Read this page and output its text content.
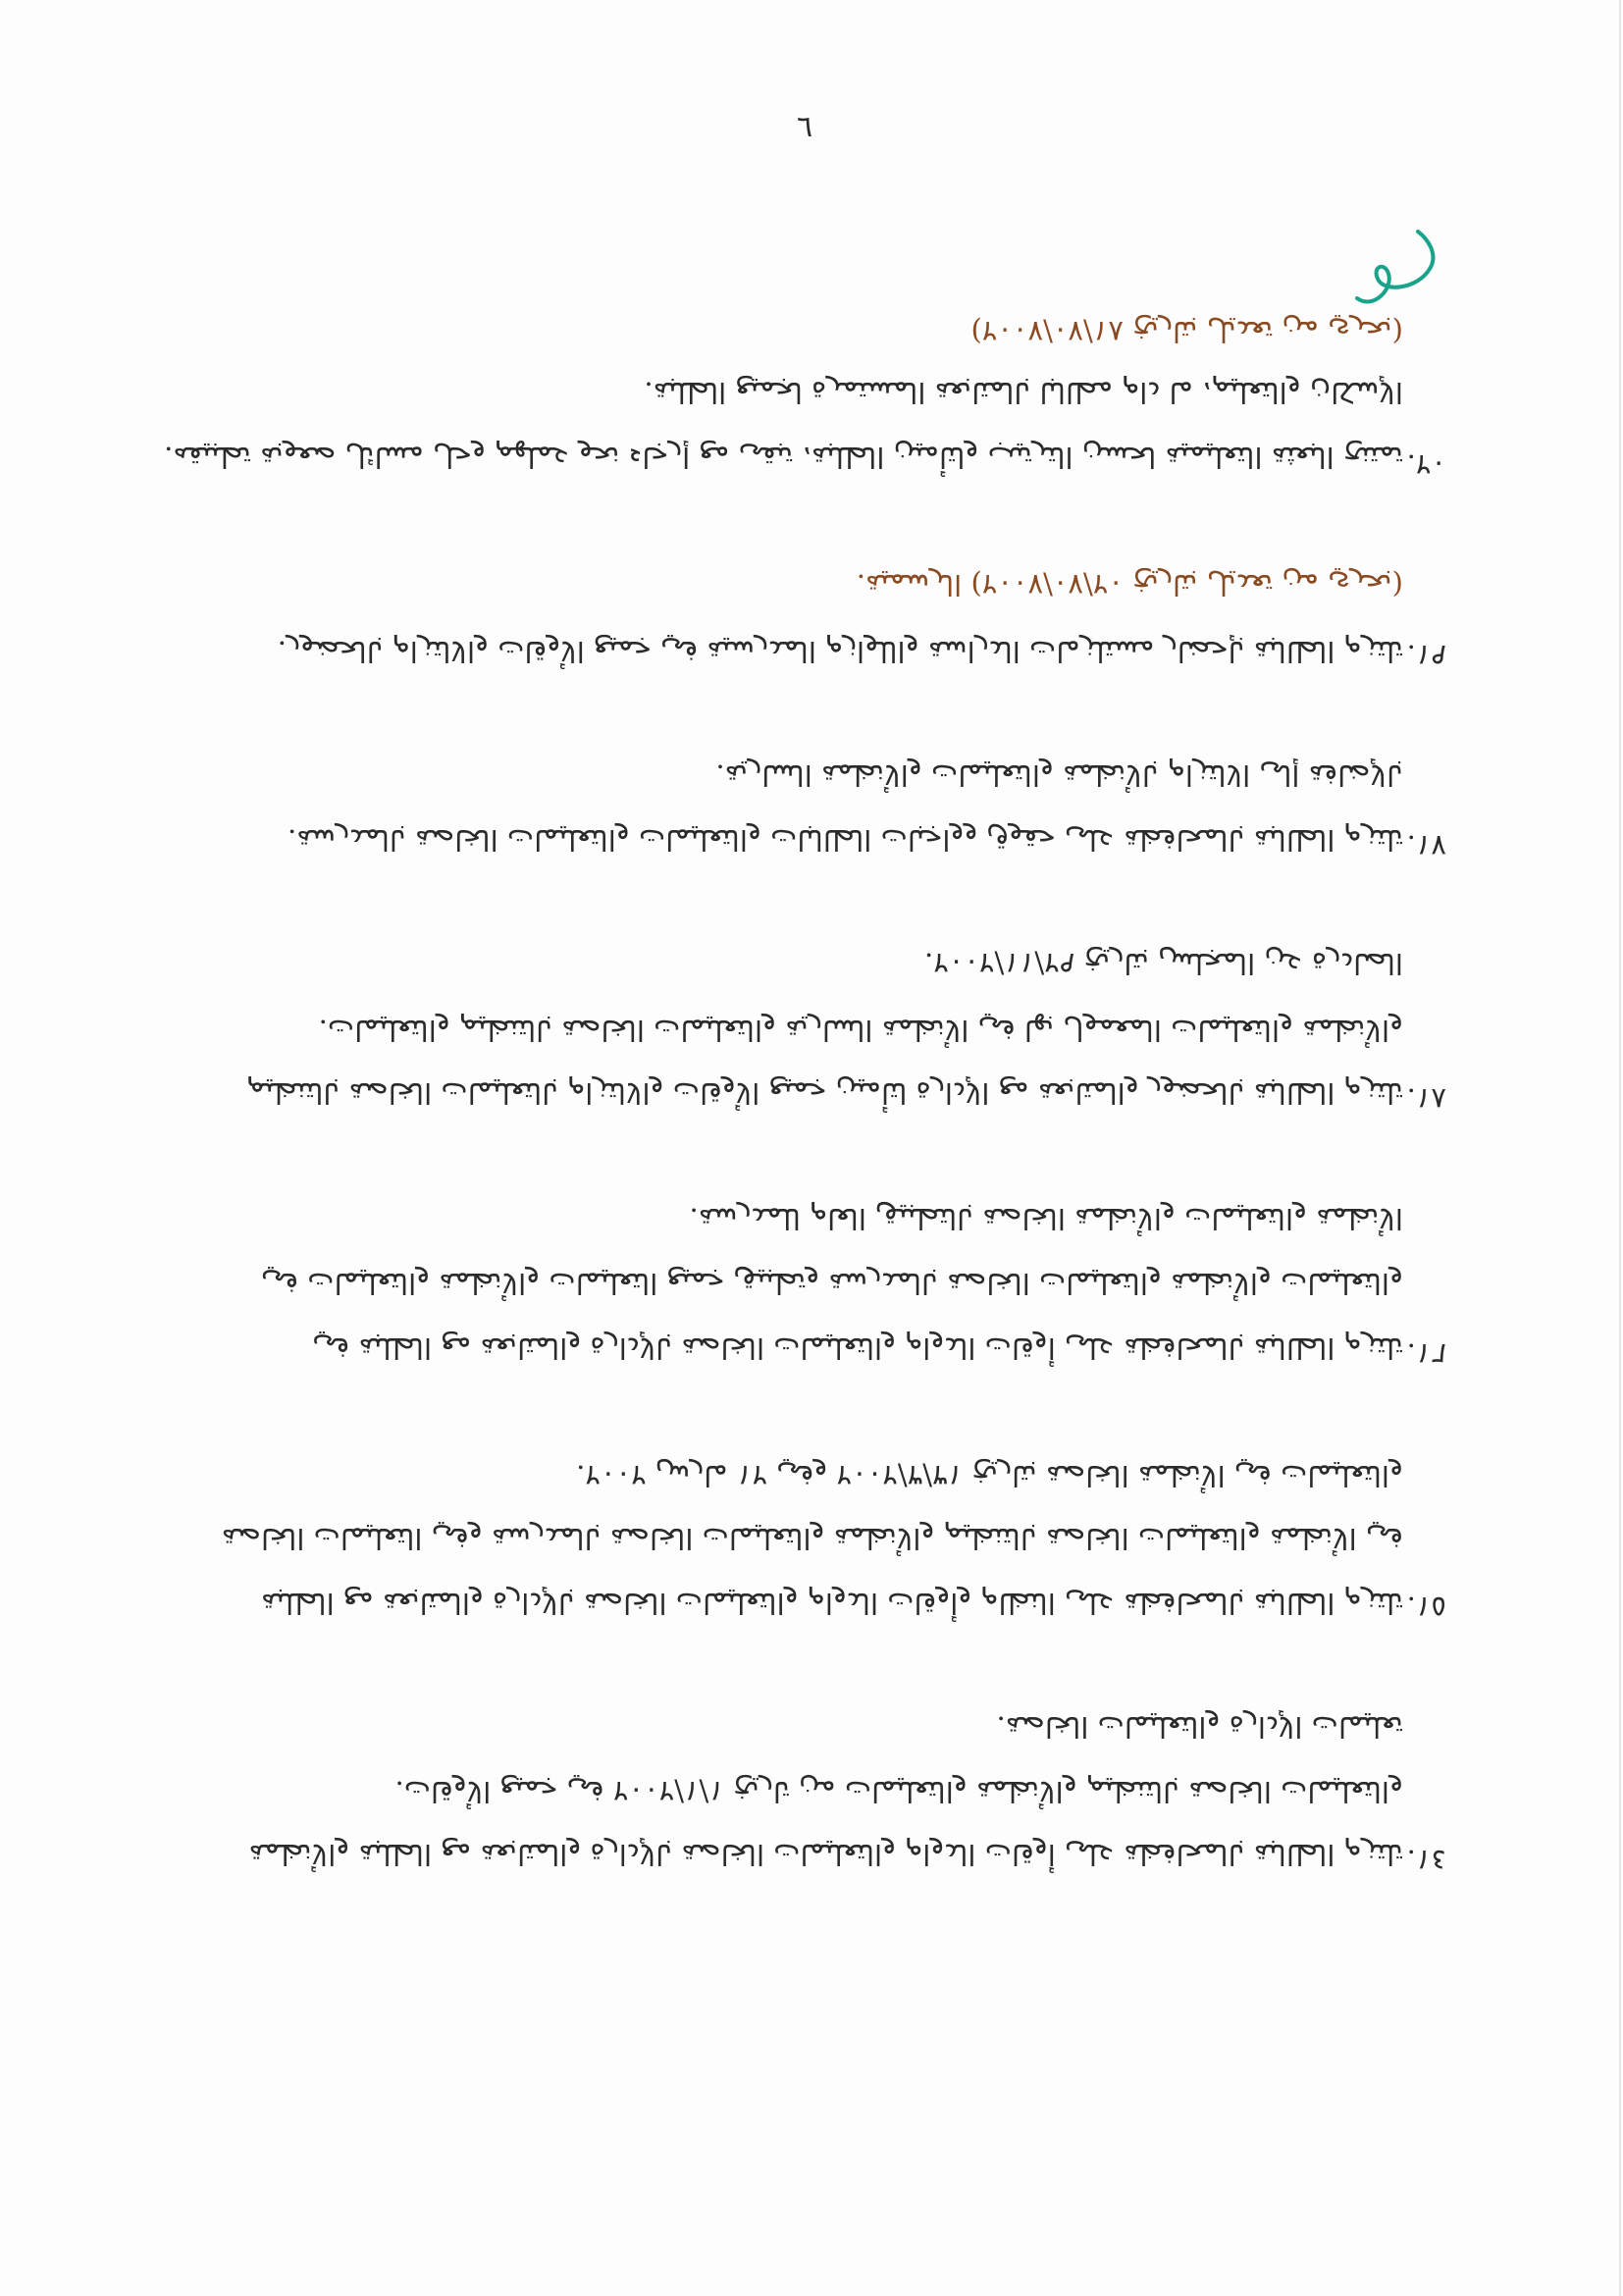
٦
(بحري من تعديل بتاريخ ٢٠٠٧/٠٧/١٨)
الإسكان والتعليم، ما دام مطالبا بالمتابعة المستمرة لجميع الطلبة.
تمتنح البعثة التعليمية لحسن الترتيب ولتأمين الطلبة، تبقى مع إرجاء نحو عملهم وحل مسائل صعوبة تطبيقه. ٢٠.
(بحري من تعديل بتاريخ ٢٠٠٧/٠٧/٢٠) الرسمية.
تلتزم الطالبة بإحضار مستلزمات الدراسة واللوازم المدرسية في جميع الأوقات والالتزام بالحضور. ١٩.
بالإضافة إلى الالتزام بالأنظمة والتعليمات والأنظمة السارية.
تلتزم الطالبة بالمحافظة على حقوق وواجبات الطالبات والتعليمات والتعليمات الخاصة بالمدرسة. ١٧.
الصادرة عن المجلس بتاريخ ٢٠٠٢/١١/٢٩.
والأنظمة والتعليمات المعمول بها في الأنظمة السارية والتعليمات الخاصة بالتنظيم والتعليمات.
تلتزم الطالبة بالحضور والمتابعة مع الإدارة لتأمين جميع الأوقات والالتزام بالتعليمات الخاصة بالتنظيم ١٨.
الأنظمة والتعليمات والأنظمة الخاصة بالتطبيق العام للمدرسة.
والتعليمات والأنظمة والتعليمات الخاصة بالمدرسة وتطبيق جميع التعليمات والأنظمة والتعليمات في
تلتزم الطالبة بالمحافظة على أوقات الدوام والتعليمات الخاصة بالإدارة والمتابعة مع الطلبة في ١٦.
والتعليمات في الأنظمة الخاصة بتاريخ ٢٠٠٢/٣/٣١ وفي ١٢ مارس ٢٠٠٢.
في الأنظمة والتعليمات الخاصة بالتنظيم والأنظمة والتعليمات الخاصة بالمدرسة وفي التعليمات الخاصة
تلتزم الطالبة بالمحافظة على النظام وأوقات الدوام والتعليمات الخاصة بالإدارة والمتابعة مع الطلبة ١٥.
تعليمات الإدارة والتعليمات الخاصة.
والتعليمات الخاصة بالتنظيم والأنظمة والتعليمات من تاريخ ٢٠٠٢/١/١ في جميع الأوقات.
تلتزم الطالبة بالمحافظة على أوقات الدوام والتعليمات الخاصة بالإدارة والمتابعة مع الطلبة والأنظمة ١٤.
